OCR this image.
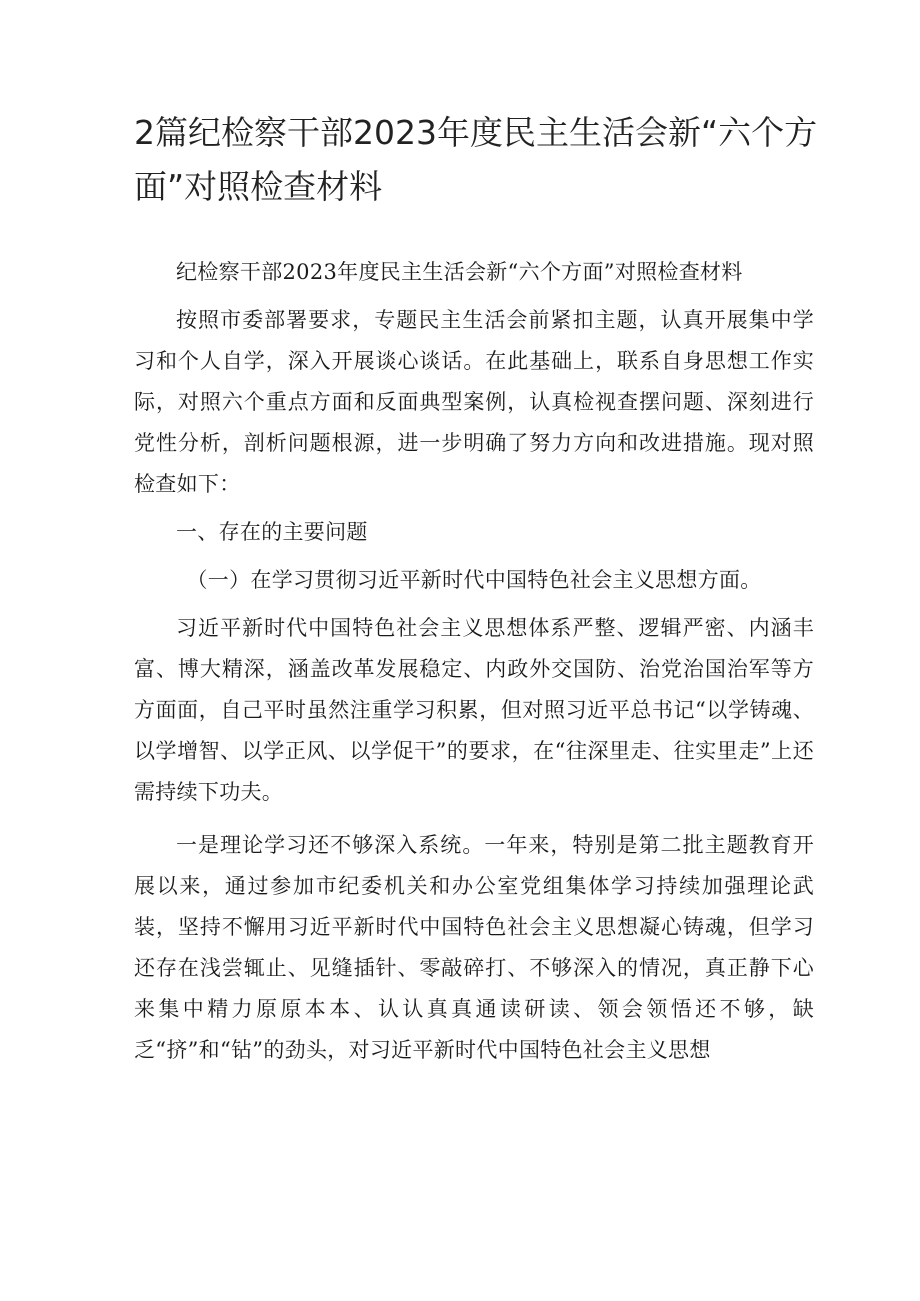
2篇纪检察干部2023年度民主生活会新“六个方面”对照检查材料

纪检察干部2023年度民主生活会新“六个方面”对照检查材料

按照市委部署要求，专题民主生活会前紧扣主题，认真开展集中学习和个人自学，深入开展谈心谈话。在此基础上，联系自身思想工作实际，对照六个重点方面和反面典型案例，认真检视查摆问题、深刻进行党性分析，剖析问题根源，进一步明确了努力方向和改进措施。现对照检查如下：

一、存在的主要问题

（一）在学习贯彻习近平新时代中国特色社会主义思想方面。

习近平新时代中国特色社会主义思想体系严整、逻辑严密、内涵丰富、博大精深，涵盖改革发展稳定、内政外交国防、治党治国治军等方方面面，自己平时虽然注重学习积累，但对照习近平总书记“以学铸魂、以学增智、以学正风、以学促干”的要求，在“往深里走、往实里走”上还需持续下功夫。

一是理论学习还不够深入系统。一年来，特别是第二批主题教育开展以来，通过参加市纪委机关和办公室党组集体学习持续加强理论武装，坚持不懈用习近平新时代中国特色社会主义思想凝心铸魂，但学习还存在浅尝辄止、见缝插针、零敲碎打、不够深入的情况，真正静下心来集中精力原原本本、认认真真通读研读、领会领悟还不够，缺乏“挤”和“钻”的劲头，对习近平新时代中国特色社会主义思想
